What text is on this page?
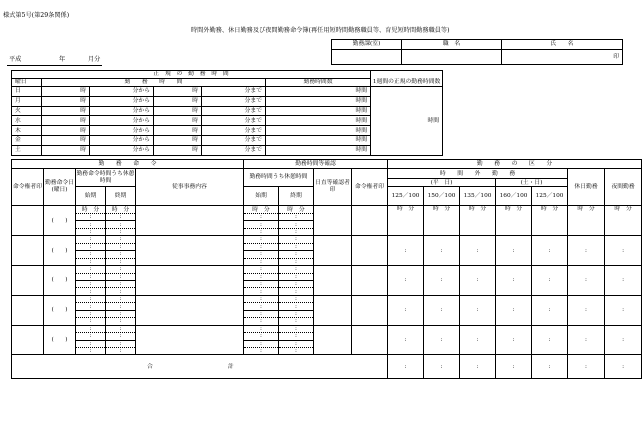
様式第5号(第29条関係)
時間外勤務、休日勤務及び夜間勤務命令簿(再任用短時間勤務職員等、育児短時間勤務職員等)
勤務課(室)	職　名	氏　　名
		印
平成	年	月分
正　規　の　勤　務　時　間						1週間の正規の勤務時間数
曜日	勤　　務　　時　　間				勤務時間数	
日	時	分から	時	分まで	時間	時間
月	時	分から	時	分まで	時間	
火	時	分から	時	分まで	時間	
水	時	分から	時	分まで	時間	
木	時	分から	時	分まで	時間	
金	時	分から	時	分まで	時間	
土	時	分から	時	分まで	時間	
勤　　務　　命　　令					勤務時間等確認				勤　　務　　の　　区　　分						
命令権者印	勤務命令日(曜日)	勤務命令時間うち休憩時間		従事事務内容	勤務時間うち休憩時間		日直等確認者印	命令権者印	時　　間　　外　　勤　　務					休日勤務	夜間勤務
									(平　日)			(土・日)			
		始期	終期		始期	終期			125／100	150／100	135／100	160／100	125／100		
	(　　)	時　分	時　分		時　分	時　分			時　分	時　分	時　分	時　分	時　分	時　分	時　分
		:	:		:	:									
		:	:		:	:									
		:	:		:	:									
	(　　)	:	:		:	:			:	:	:	:	:	:	:
		:	:		:	:									
		:	:		:	:									
		:	:		:	:									
	(　　)	:	:		:	:			:	:	:	:	:	:	:
		:	:		:	:									
		:	:		:	:									
		:	:		:	:									
	(　　)	:	:		:	:			:	:	:	:	:	:	:
		:	:		:	:									
		:	:		:	:									
		:	:		:	:									
	(　　)	:	:		:	:			:	:	:	:	:	:	:
		:	:		:	:									
		:	:		:	:									
		:	:		:	:									
合 計									:	:	:	:	:	:	:
